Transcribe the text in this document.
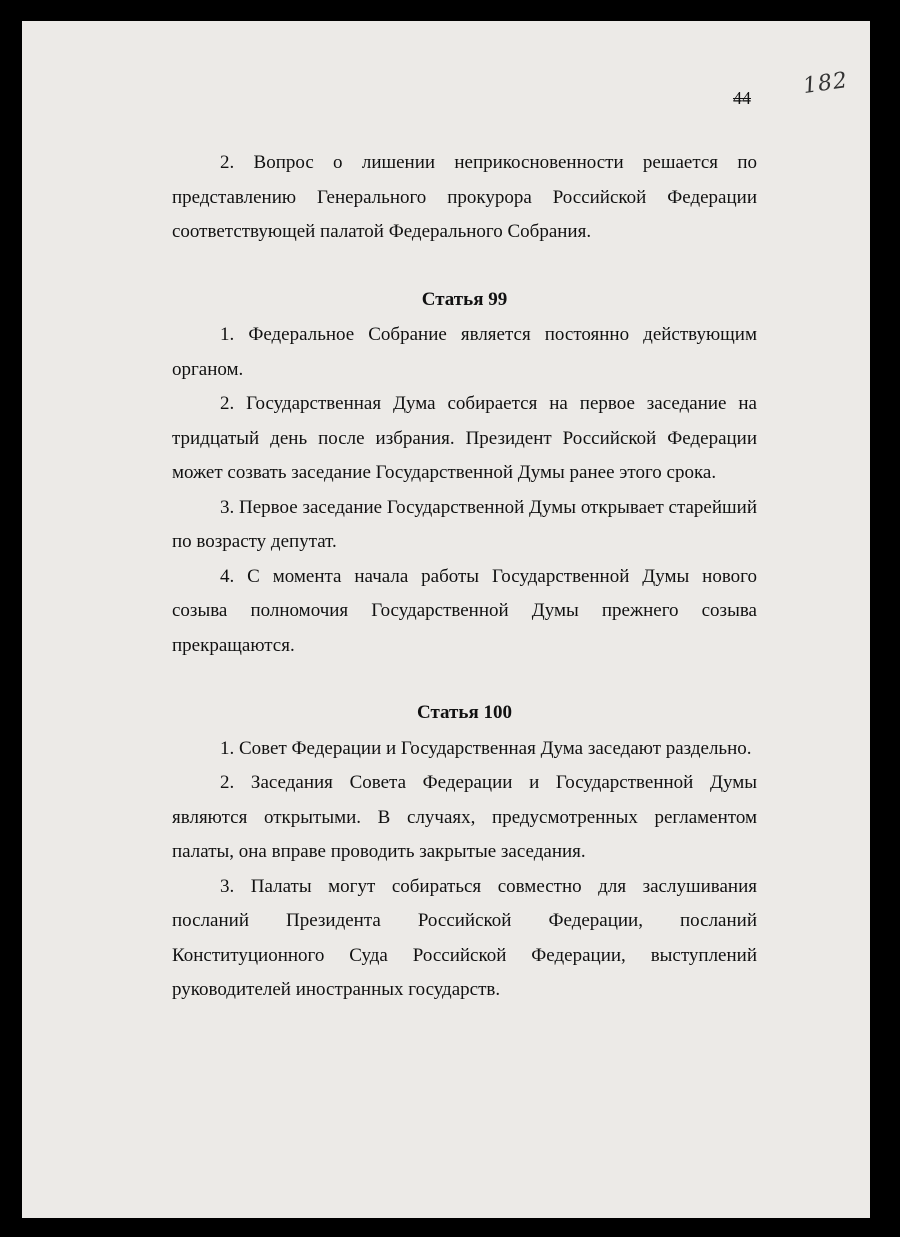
44 182

2. Вопрос о лишении неприкосновенности решается по представлению Генерального прокурора Российской Федерации соответствующей палатой Федерального Собрания.

Статья 99

1. Федеральное Собрание является постоянно действующим органом.

2. Государственная Дума собирается на первое заседание на тридцатый день после избрания. Президент Российской Федерации может созвать заседание Государственной Думы ранее этого срока.

3. Первое заседание Государственной Думы открывает старейший по возрасту депутат.

4. С момента начала работы Государственной Думы нового созыва полномочия Государственной Думы прежнего созыва прекращаются.

Статья 100

1. Совет Федерации и Государственная Дума заседают раздельно.

2. Заседания Совета Федерации и Государственной Думы являются открытыми. В случаях, предусмотренных регламентом палаты, она вправе проводить закрытые заседания.

3. Палаты могут собираться совместно для заслушивания посланий Президента Российской Федерации, посланий Конституционного Суда Российской Федерации, выступлений руководителей иностранных государств.
